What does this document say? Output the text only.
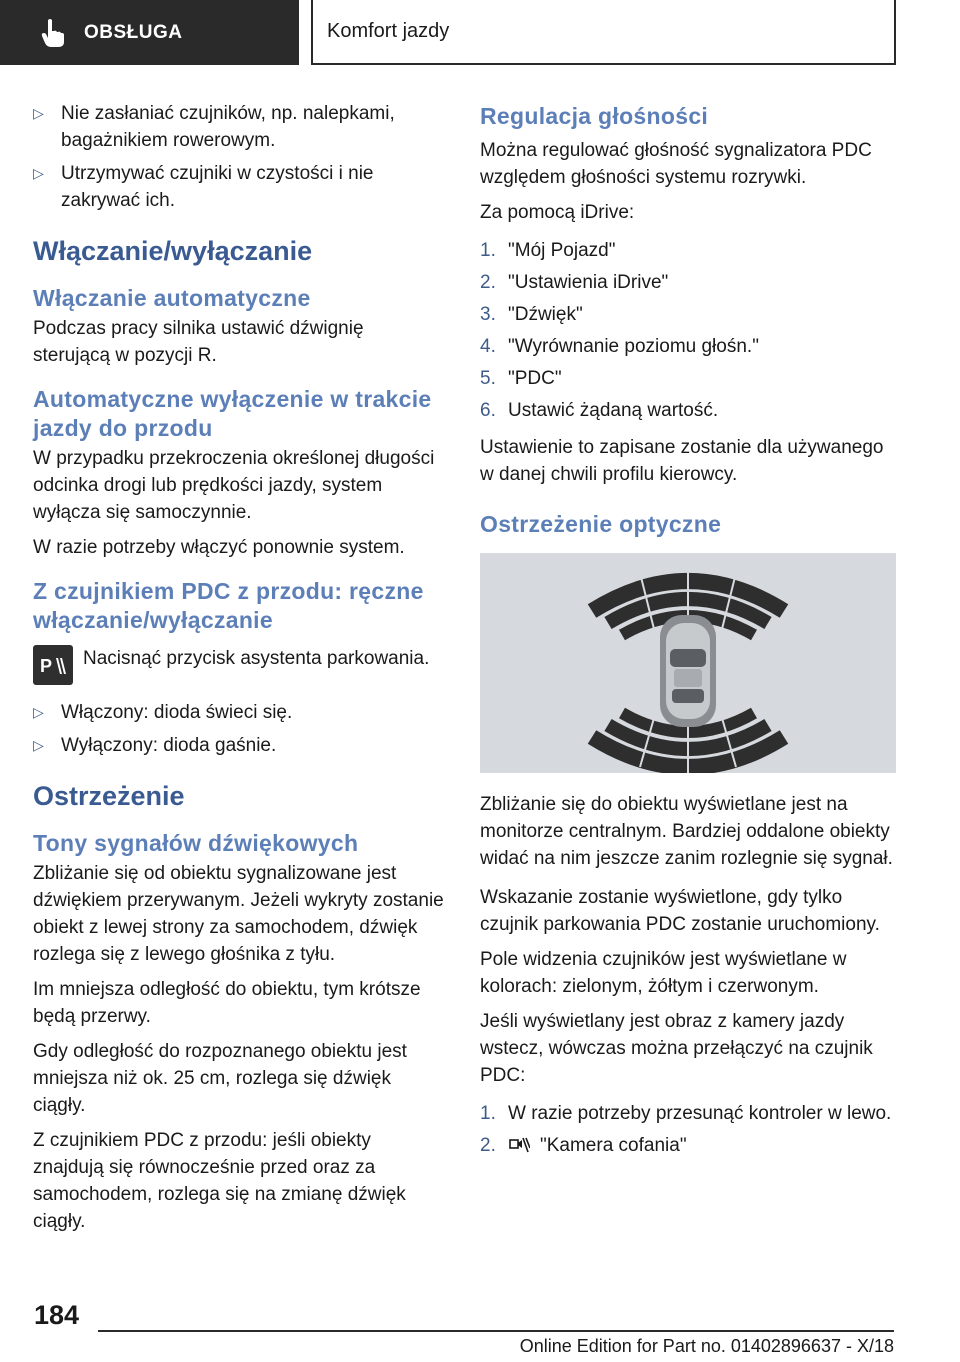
OBSŁUGA	Komfort jazdy
▷ Nie zasłaniać czujników, np. nalepkami, bagażnikiem rowerowym.
▷ Utrzymywać czujniki w czystości i nie zakrywać ich.
Włączanie/wyłączanie
Włączanie automatyczne

Podczas pracy silnika ustawić dźwignię sterującą w pozycji R.

Automatyczne wyłączenie w trakcie jazdy do przodu

W przypadku przekroczenia określonej długości odcinka drogi lub prędkości jazdy, system wyłącza się samoczynnie.

W razie potrzeby włączyć ponownie system.

Z czujnikiem PDC z przodu: ręczne włączanie/wyłączanie
P Nacisnąć przycisk asystenta parkowania.
▷ Włączony: dioda świeci się.
▷ Wyłączony: dioda gaśnie.
Ostrzeżenie
Tony sygnałów dźwiękowych

Zbliżanie się od obiektu sygnalizowane jest dźwiękiem przerywanym. Jeżeli wykryty zostanie obiekt z lewej strony za samochodem, dźwięk rozlega się z lewego głośnika z tyłu.

Im mniejsza odległość do obiektu, tym krótsze będą przerwy.

Gdy odległość do rozpoznanego obiektu jest mniejsza niż ok. 25 cm, rozlega się dźwięk ciągły.

Z czujnikiem PDC z przodu: jeśli obiekty znajdują się równocześnie przed oraz za samochodem, rozlega się na zmianę dźwięk ciągły.

Regulacja głośności

Można regulować głośność sygnalizatora PDC względem głośności systemu rozrywki.

Za pomocą iDrive:

1. "Mój Pojazd"
2. "Ustawienia iDrive"
3. "Dźwięk"
4. "Wyrównanie poziomu głośn."
5. "PDC"
6. Ustawić żądaną wartość.

Ustawienie to zapisane zostanie dla używanego w danej chwili profilu kierowcy.

Ostrzeżenie optyczne

Zbliżanie się do obiektu wyświetlane jest na monitorze centralnym. Bardziej oddalone obiekty widać na nim jeszcze zanim rozlegnie się sygnał.

Wskazanie zostanie wyświetlone, gdy tylko czujnik parkowania PDC zostanie uruchomiony.

Pole widzenia czujników jest wyświetlane w kolorach: zielonym, żółtym i czerwonym.

Jeśli wyświetlany jest obraz z kamery jazdy wstecz, wówczas można przełączyć na czujnik PDC:

1. W razie potrzeby przesunąć kontroler w lewo.
2.	"Kamera cofania"
184
Online Edition for Part no. 01402896637 - X/18
